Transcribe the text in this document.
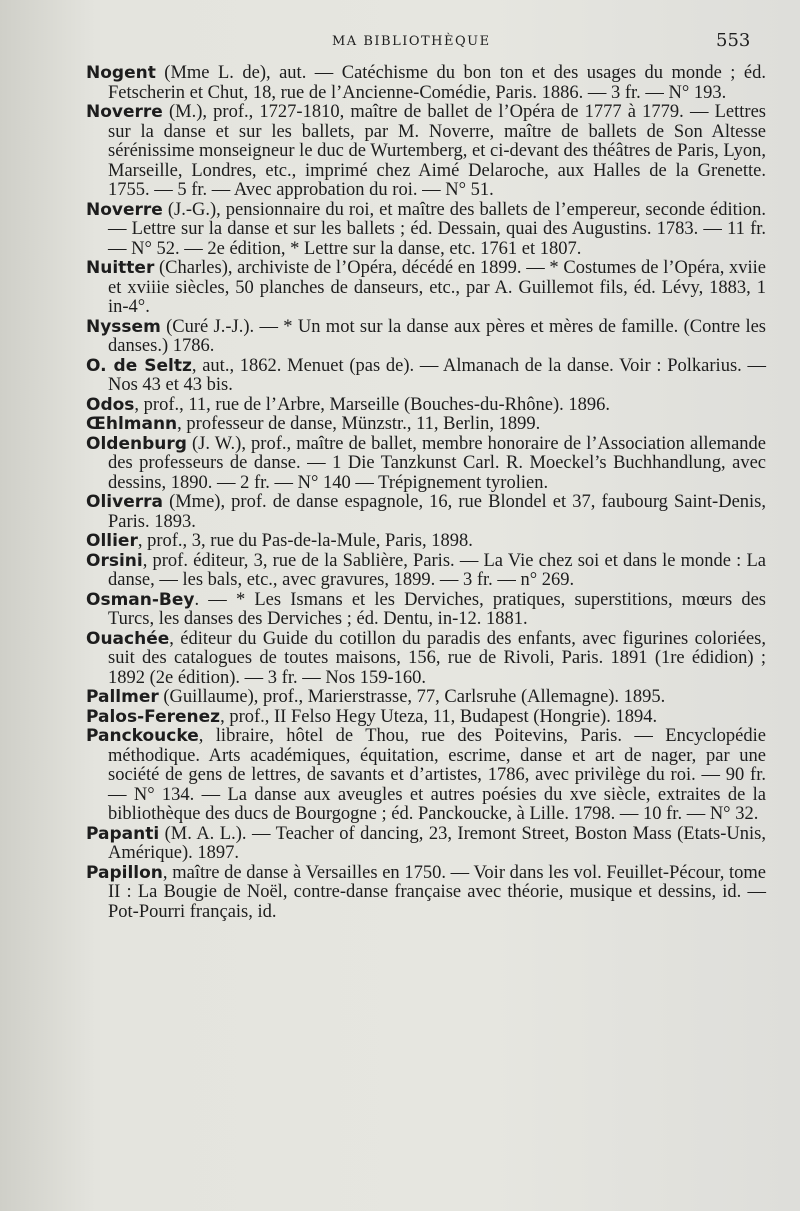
MA BIBLIOTHÈQUE	553

Nogent (Mme L. de), aut. — Catéchisme du bon ton et des usages du monde ; éd. Fetscherin et Chut, 18, rue de l’Ancienne-Comédie, Paris. 1886. — 3 fr. — N° 193.

Noverre (M.), prof., 1727-1810, maître de ballet de l’Opéra de 1777 à 1779. — Lettres sur la danse et sur les ballets, par M. Noverre, maître de ballets de Son Altesse sérénissime monseigneur le duc de Wurtemberg, et ci-devant des théâtres de Paris, Lyon, Marseille, Londres, etc., imprimé chez Aimé Delaroche, aux Halles de la Grenette. 1755. — 5 fr. — Avec approbation du roi. — N° 51.

Noverre (J.-G.), pensionnaire du roi, et maître des ballets de l’empereur, seconde édition. — Lettre sur la danse et sur les ballets ; éd. Dessain, quai des Augustins. 1783. — 11 fr. — N° 52. — 2e édition, * Lettre sur la danse, etc. 1761 et 1807.

Nuitter (Charles), archiviste de l’Opéra, décédé en 1899. — * Costumes de l’Opéra, xviie et xviiie siècles, 50 planches de danseurs, etc., par A. Guillemot fils, éd. Lévy, 1883, 1 in-4°.

Nyssem (Curé J.-J.). — * Un mot sur la danse aux pères et mères de famille. (Contre les danses.) 1786.

O. de Seltz, aut., 1862. Menuet (pas de). — Almanach de la danse. Voir : Polkarius. — Nos 43 et 43 bis.

Odos, prof., 11, rue de l’Arbre, Marseille (Bouches-du-Rhône). 1896.

Œhlmann, professeur de danse, Münzstr., 11, Berlin, 1899.

Oldenburg (J. W.), prof., maître de ballet, membre honoraire de l’Association allemande des professeurs de danse. — 1 Die Tanzkunst Carl. R. Moeckel’s Buchhandlung, avec dessins, 1890. — 2 fr. — N° 140 — Trépignement tyrolien.

Oliverra (Mme), prof. de danse espagnole, 16, rue Blondel et 37, faubourg Saint-Denis, Paris. 1893.

Ollier, prof., 3, rue du Pas-de-la-Mule, Paris, 1898.

Orsini, prof. éditeur, 3, rue de la Sablière, Paris. — La Vie chez soi et dans le monde : La danse, — les bals, etc., avec gravures, 1899. — 3 fr. — n° 269.

Osman-Bey. — * Les Ismans et les Derviches, pratiques, superstitions, mœurs des Turcs, les danses des Derviches ; éd. Dentu, in-12. 1881.

Ouachée, éditeur du Guide du cotillon du paradis des enfants, avec figurines coloriées, suit des catalogues de toutes maisons, 156, rue de Rivoli, Paris. 1891 (1re édidion) ; 1892 (2e édition). — 3 fr. — Nos 159-160.

Pallmer (Guillaume), prof., Marierstrasse, 77, Carlsruhe (Allemagne). 1895.

Palos-Ferenez, prof., II Felso Hegy Uteza, 11, Budapest (Hongrie). 1894.

Panckoucke, libraire, hôtel de Thou, rue des Poitevins, Paris. — Encyclopédie méthodique. Arts académiques, équitation, escrime, danse et art de nager, par une société de gens de lettres, de savants et d’artistes, 1786, avec privilège du roi. — 90 fr. — N° 134. — La danse aux aveugles et autres poésies du xve siècle, extraites de la bibliothèque des ducs de Bourgogne ; éd. Panckoucke, à Lille. 1798. — 10 fr. — N° 32.

Papanti (M. A. L.). — Teacher of dancing, 23, Iremont Street, Boston Mass (Etats-Unis, Amérique). 1897.

Papillon, maître de danse à Versailles en 1750. — Voir dans les vol. Feuillet-Pécour, tome II : La Bougie de Noël, contre-danse française avec théorie, musique et dessins, id. — Pot-Pourri français, id.
